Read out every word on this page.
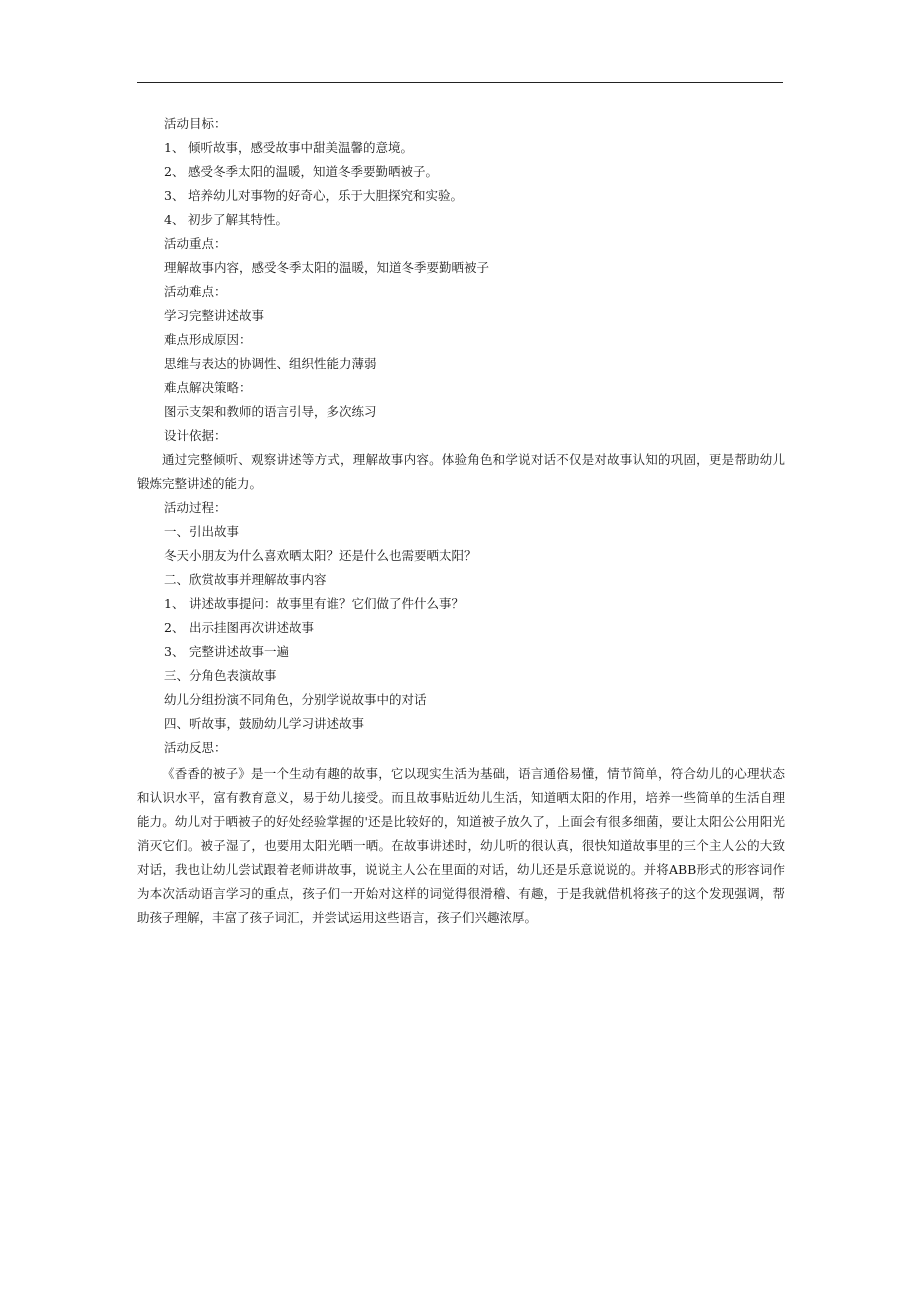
活动目标：
1、 倾听故事，感受故事中甜美温馨的意境。
2、 感受冬季太阳的温暖，知道冬季要勤晒被子。
3、 培养幼儿对事物的好奇心，乐于大胆探究和实验。
4、 初步了解其特性。
活动重点：
理解故事内容，感受冬季太阳的温暖，知道冬季要勤晒被子
活动难点：
学习完整讲述故事
难点形成原因：
思维与表达的协调性、组织性能力薄弱
难点解决策略：
图示支架和教师的语言引导，多次练习
设计依据：
通过完整倾听、观察讲述等方式，理解故事内容。体验角色和学说对话不仅是对故事认知的巩固，更是帮助幼儿锻炼完整讲述的能力。
活动过程：
一、引出故事
冬天小朋友为什么喜欢晒太阳？还是什么也需要晒太阳？
二、欣赏故事并理解故事内容
1、 讲述故事提问：故事里有谁？它们做了件什么事？
2、 出示挂图再次讲述故事
3、 完整讲述故事一遍
三、分角色表演故事
幼儿分组扮演不同角色，分别学说故事中的对话
四、听故事，鼓励幼儿学习讲述故事
活动反思：
《香香的被子》是一个生动有趣的故事，它以现实生活为基础，语言通俗易懂，情节简单，符合幼儿的心理状态和认识水平，富有教育意义，易于幼儿接受。而且故事贴近幼儿生活，知道晒太阳的作用，培养一些简单的生活自理能力。幼儿对于晒被子的好处经验掌握的'还是比较好的，知道被子放久了，上面会有很多细菌，要让太阳公公用阳光消灭它们。被子湿了，也要用太阳光晒一晒。在故事讲述时，幼儿听的很认真，很快知道故事里的三个主人公的大致对话，我也让幼儿尝试跟着老师讲故事，说说主人公在里面的对话，幼儿还是乐意说说的。并将ABB形式的形容词作为本次活动语言学习的重点，孩子们一开始对这样的词觉得很滑稽、有趣，于是我就借机将孩子的这个发现强调，帮助孩子理解，丰富了孩子词汇，并尝试运用这些语言，孩子们兴趣浓厚。
